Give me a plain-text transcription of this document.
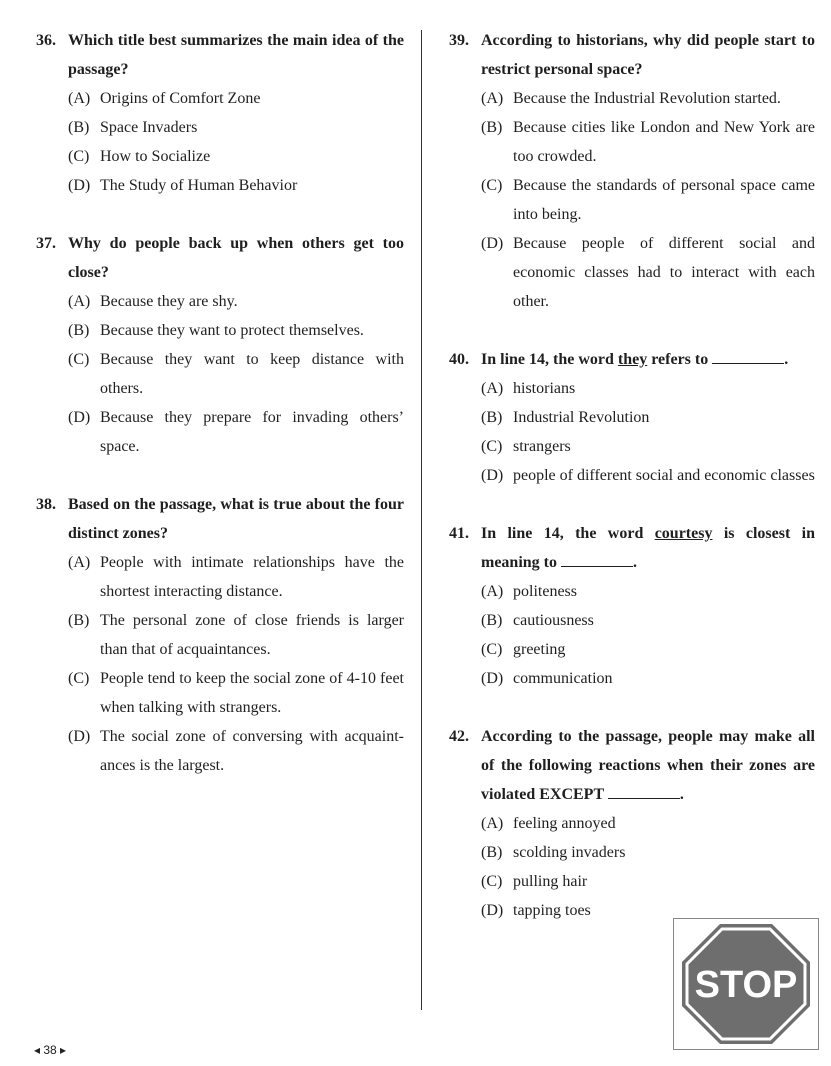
36. Which title best summarizes the main idea of the passage?
(A) Origins of Comfort Zone
(B) Space Invaders
(C) How to Socialize
(D) The Study of Human Behavior
37. Why do people back up when others get too close?
(A) Because they are shy.
(B) Because they want to protect themselves.
(C) Because they want to keep distance with others.
(D) Because they prepare for invading others’ space.
38. Based on the passage, what is true about the four distinct zones?
(A) People with intimate relationships have the shortest interacting distance.
(B) The personal zone of close friends is larger than that of acquaintances.
(C) People tend to keep the social zone of 4-10 feet when talking with strangers.
(D) The social zone of conversing with acquaint-ances is the largest.
39. According to historians, why did people start to restrict personal space?
(A) Because the Industrial Revolution started.
(B) Because cities like London and New York are too crowded.
(C) Because the standards of personal space came into being.
(D) Because people of different social and economic classes had to interact with each other.
40. In line 14, the word they refers to	.
(A) historians
(B) Industrial Revolution
(C) strangers
(D) people of different social and economic classes
41. In line 14, the word courtesy is closest in meaning to	.
(A) politeness
(B) cautiousness
(C) greeting
(D) communication
42. According to the passage, people may make all of the following reactions when their zones are violated EXCEPT	.
(A) feeling annoyed
(B) scolding invaders
(C) pulling hair
(D) tapping toes
STOP
◂ 38 ▸
